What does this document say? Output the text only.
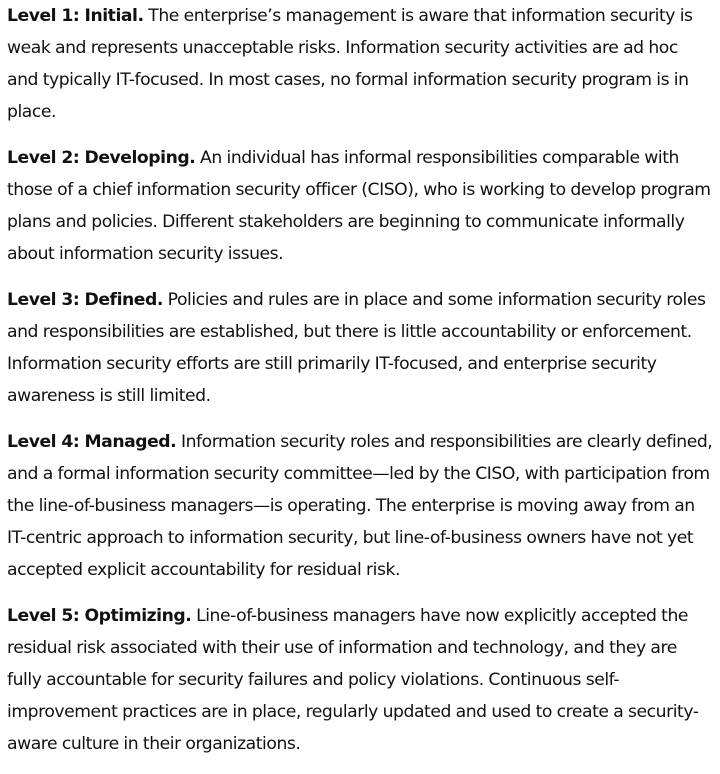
Level 1: Initial. The enterprise’s management is aware that information security is weak and represents unacceptable risks. Information security activities are ad hoc and typically IT-focused. In most cases, no formal information security program is in place.

Level 2: Developing. An individual has informal responsibilities comparable with those of a chief information security officer (CISO), who is working to develop program plans and policies. Different stakeholders are beginning to communicate informally about information security issues.

Level 3: Defined. Policies and rules are in place and some information security roles and responsibilities are established, but there is little accountability or enforcement. Information security efforts are still primarily IT-focused, and enterprise security awareness is still limited.

Level 4: Managed. Information security roles and responsibilities are clearly defined, and a formal information security committee—led by the CISO, with participation from the line-of-business managers—is operating. The enterprise is moving away from an IT-centric approach to information security, but line-of-business owners have not yet accepted explicit accountability for residual risk.

Level 5: Optimizing. Line-of-business managers have now explicitly accepted the residual risk associated with their use of information and technology, and they are fully accountable for security failures and policy violations. Continuous self-improvement practices are in place, regularly updated and used to create a security-aware culture in their organizations.
